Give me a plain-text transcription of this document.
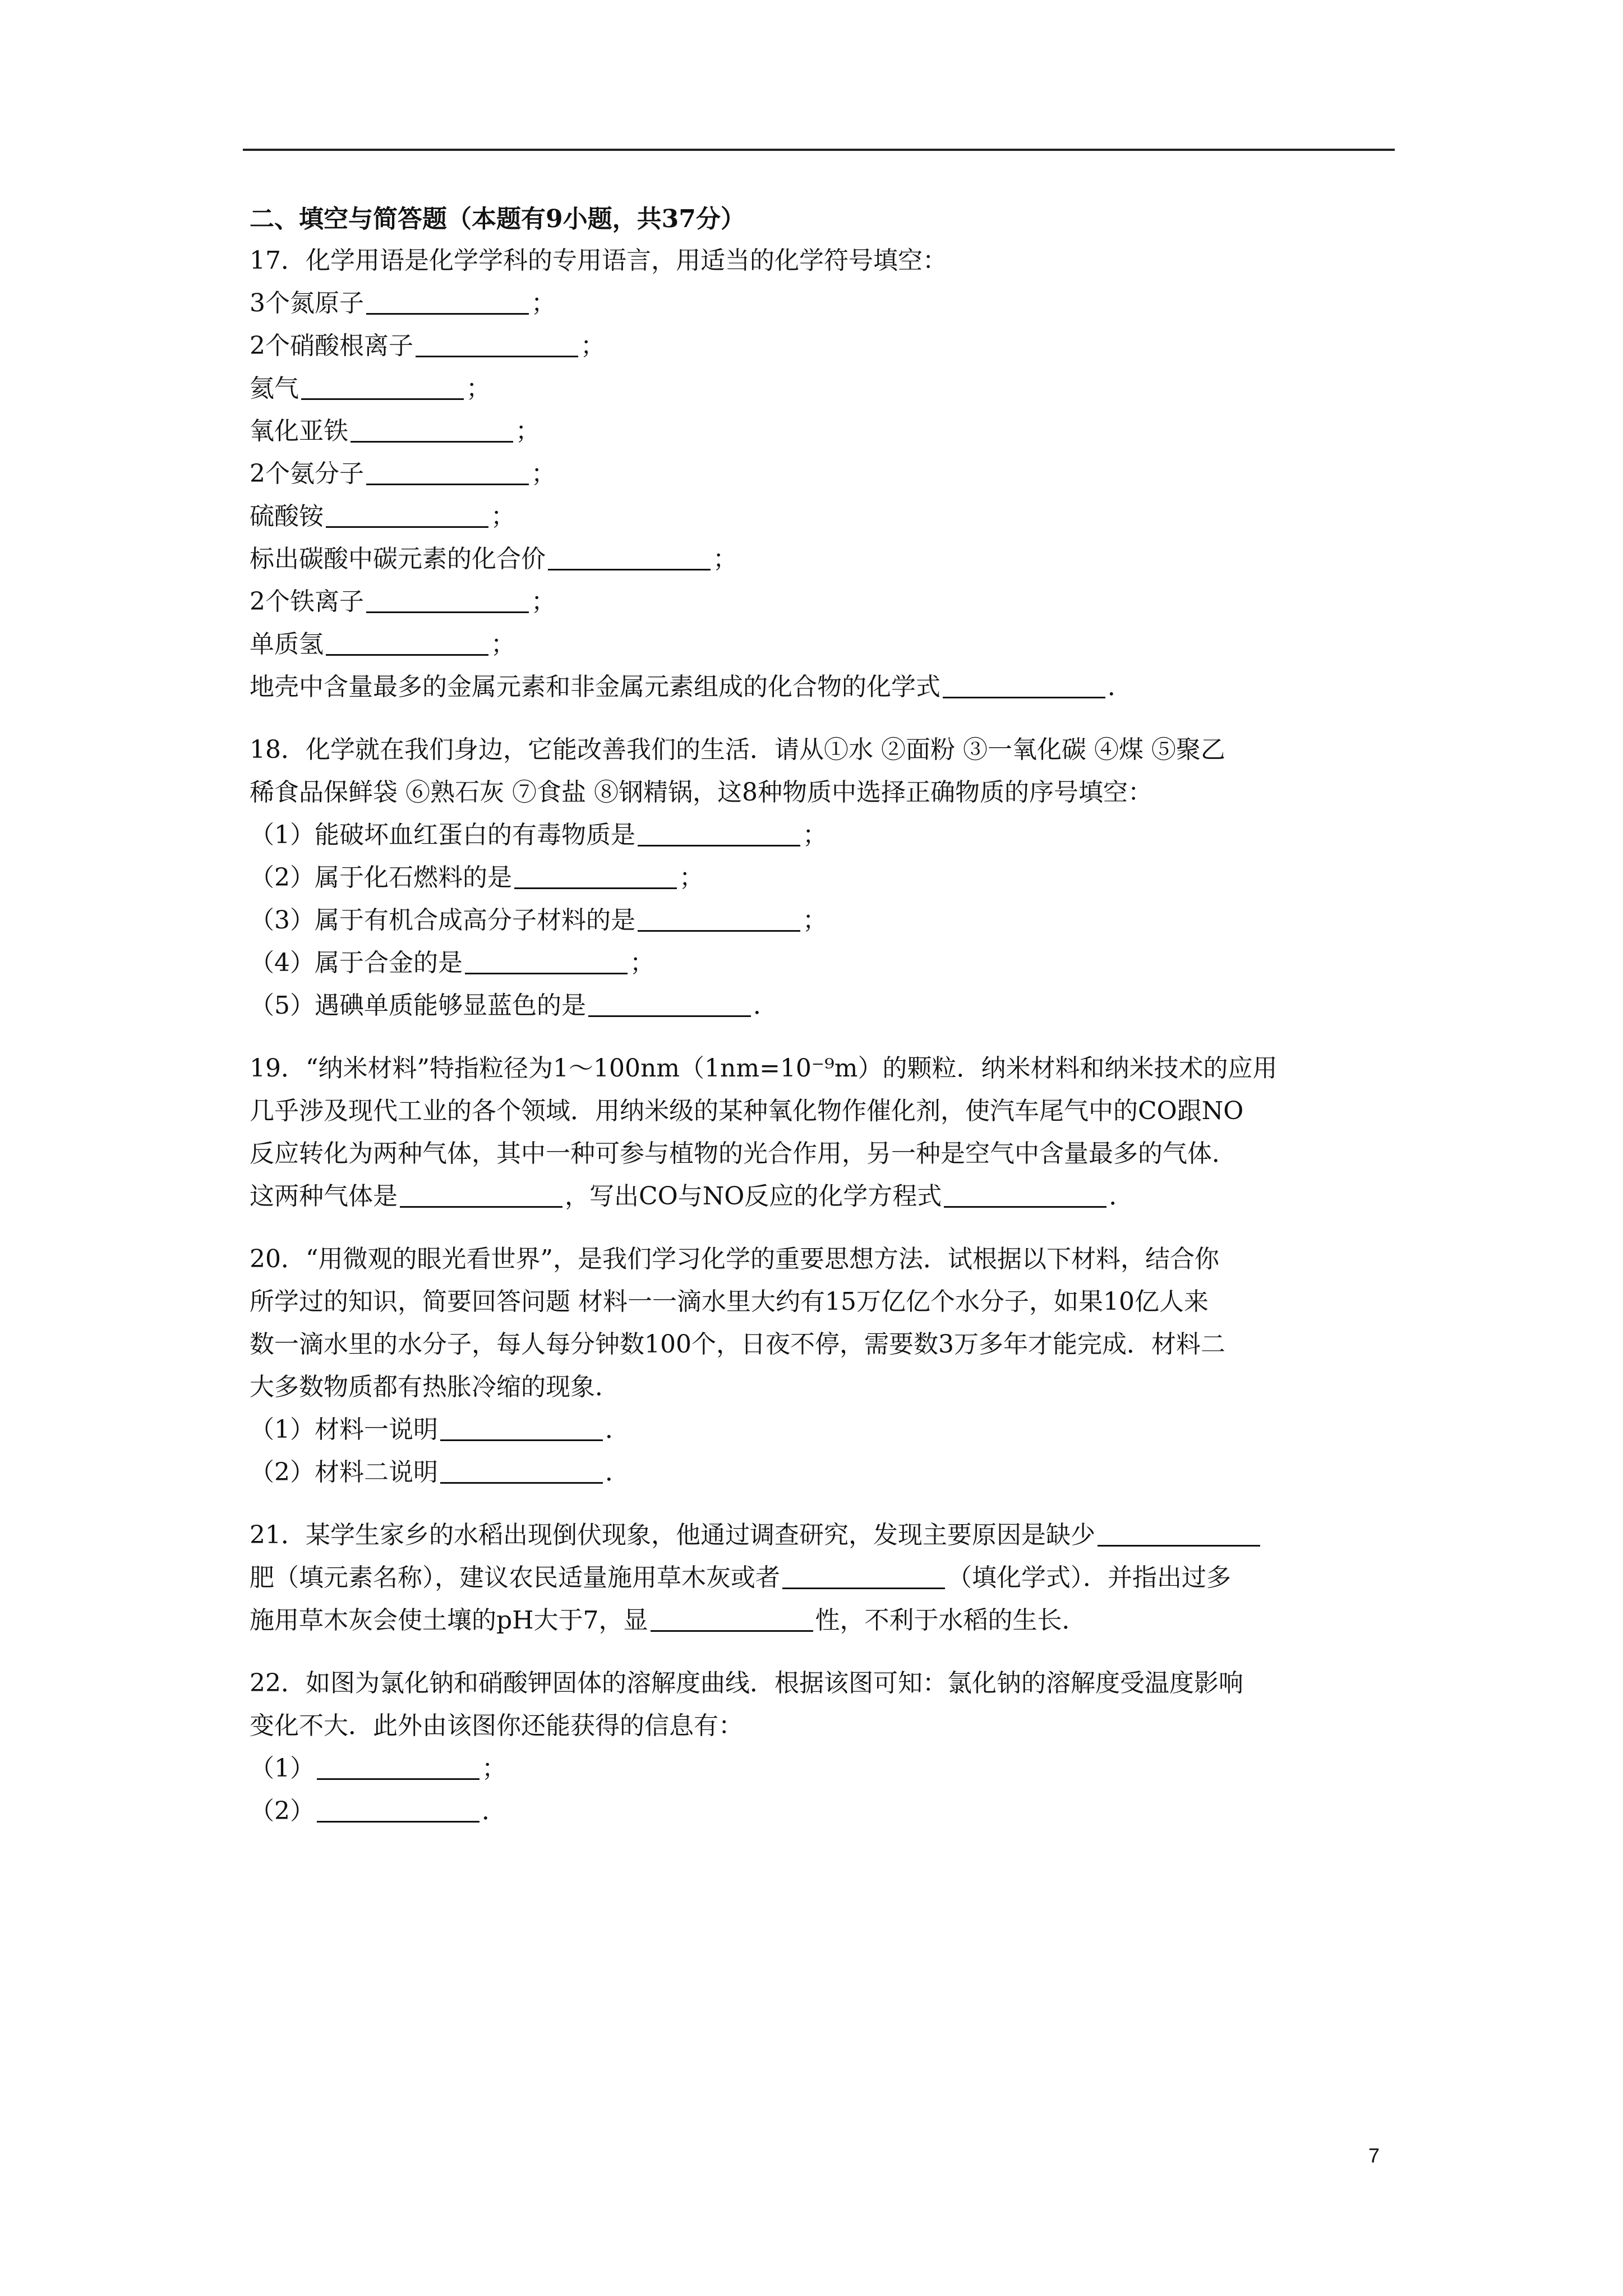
二、填空与简答题（本题有9小题，共37分）
17．化学用语是化学学科的专用语言，用适当的化学符号填空：
3个氮原子	；
2个硝酸根离子	；
氦气	；
氧化亚铁	；
2个氨分子	；
硫酸铵	；
标出碳酸中碳元素的化合价	；
2个铁离子	；
单质氢	；
地壳中含量最多的金属元素和非金属元素组成的化合物的化学式	．
18．化学就在我们身边，它能改善我们的生活．请从①水 ②面粉 ③一氧化碳 ④煤 ⑤聚乙
稀食品保鲜袋 ⑥熟石灰 ⑦食盐 ⑧钢精锅，这8种物质中选择正确物质的序号填空：
（1）能破坏血红蛋白的有毒物质是	；
（2）属于化石燃料的是	；
（3）属于有机合成高分子材料的是	；
（4）属于合金的是	；
（5）遇碘单质能够显蓝色的是	．
19．“纳米材料”特指粒径为1～100nm（1nm=10⁻⁹m）的颗粒．纳米材料和纳米技术的应用
几乎涉及现代工业的各个领域．用纳米级的某种氧化物作催化剂，使汽车尾气中的CO跟NO
反应转化为两种气体，其中一种可参与植物的光合作用，另一种是空气中含量最多的气体．
这两种气体是	，写出CO与NO反应的化学方程式	．
20．“用微观的眼光看世界”，是我们学习化学的重要思想方法．试根据以下材料，结合你
所学过的知识，简要回答问题 材料一一滴水里大约有15万亿亿个水分子，如果10亿人来
数一滴水里的水分子，每人每分钟数100个，日夜不停，需要数3万多年才能完成．材料二
大多数物质都有热胀冷缩的现象．
（1）材料一说明	．
（2）材料二说明	．
21．某学生家乡的水稻出现倒伏现象，他通过调查研究，发现主要原因是缺少
肥（填元素名称），建议农民适量施用草木灰或者	（填化学式）．并指出过多
施用草木灰会使土壤的pH大于7，显	性，不利于水稻的生长．
22．如图为氯化钠和硝酸钾固体的溶解度曲线．根据该图可知：氯化钠的溶解度受温度影响
变化不大．此外由该图你还能获得的信息有：
（1）	；
（2）	．
7
